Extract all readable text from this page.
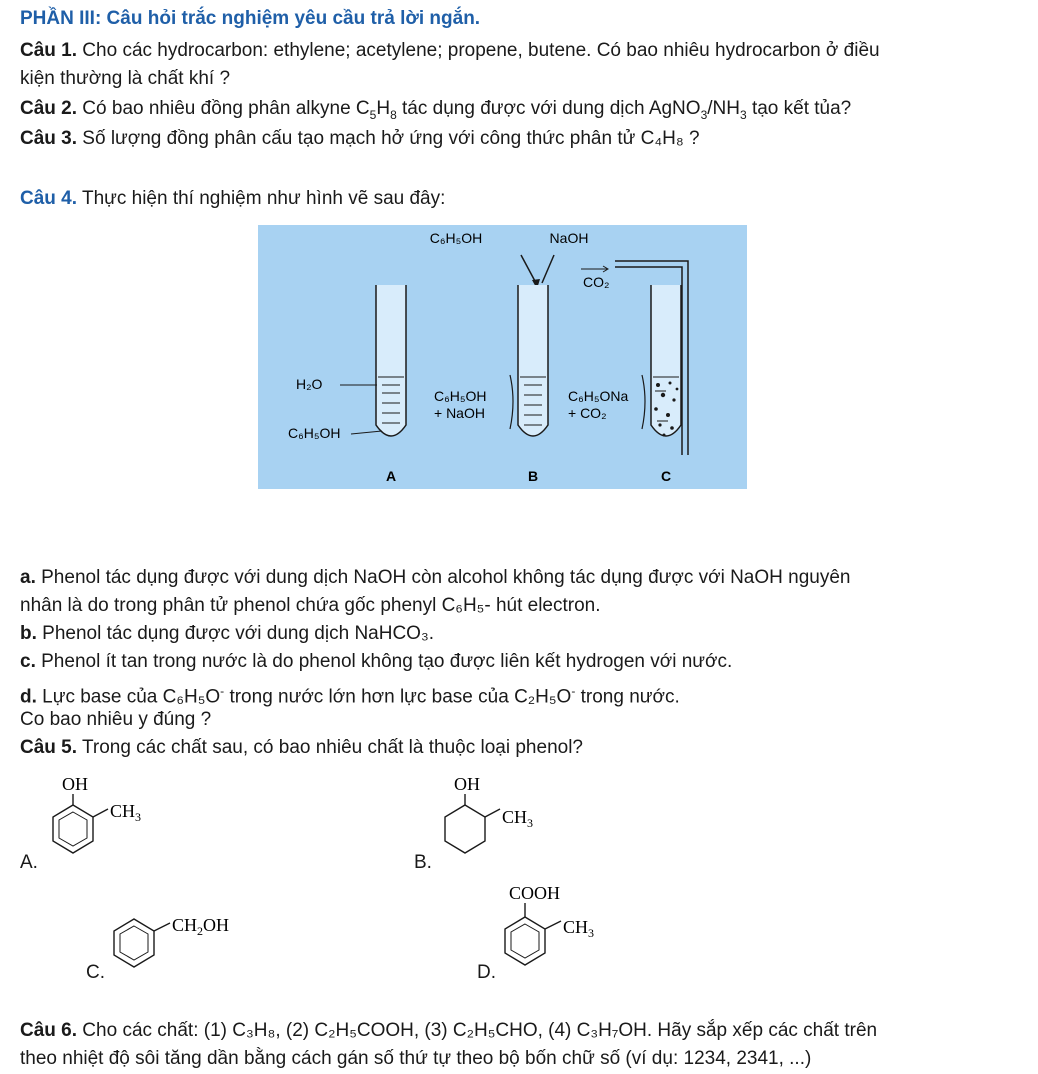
PHẦN III: Câu hỏi trắc nghiệm yêu cầu trả lời ngắn.
Câu 1. Cho các hydrocarbon: ethylene; acetylene; propene, butene. Có bao nhiêu hydrocarbon ở điều
kiện thường là chất khí ?
Câu 2. Có bao nhiêu đồng phân alkyne $C_5H_8$ tác dụng được với dung dịch $AgNO_3/NH_3$ tạo kết tủa?
Câu 3. Số lượng đồng phân cấu tạo mạch hở ứng với công thức phân tử C₄H₈ ?
Câu 4. Thực hiện thí nghiệm như hình vẽ sau đây:
C₆H₅OH	NaOH
CO₂
H₂O
C₆H₅OH
A
C₆H₅OH
+ NaOH
B
C₆H₅ONa
+ CO₂
C
a. Phenol tác dụng được với dung dịch NaOH còn alcohol không tác dụng được với NaOH nguyên
nhân là do trong phân tử phenol chứa gốc phenyl C₆H₅- hút electron.
b. Phenol tác dụng được với dung dịch NaHCO₃.
c. Phenol ít tan trong nước là do phenol không tạo được liên kết hydrogen với nước.
d. Lực base của C₆H₅O- trong nước lớn hơn lực base của C₂H₅O- trong nước.
Co bao nhiêu y đúng ?
Câu 5. Trong các chất sau, có bao nhiêu chất là thuộc loại phenol?
A.
OH
$CH_3$
B.
OH
$CH_3$
C.
$CH_2OH$
D.
COOH
$CH_3$
Câu 6. Cho các chất: (1) C₃H₈, (2) C₂H₅COOH, (3) C₂H₅CHO, (4) C₃H₇OH. Hãy sắp xếp các chất trên
theo nhiệt độ sôi tăng dần bằng cách gán số thứ tự theo bộ bốn chữ số (ví dụ: 1234, 2341, ...)
